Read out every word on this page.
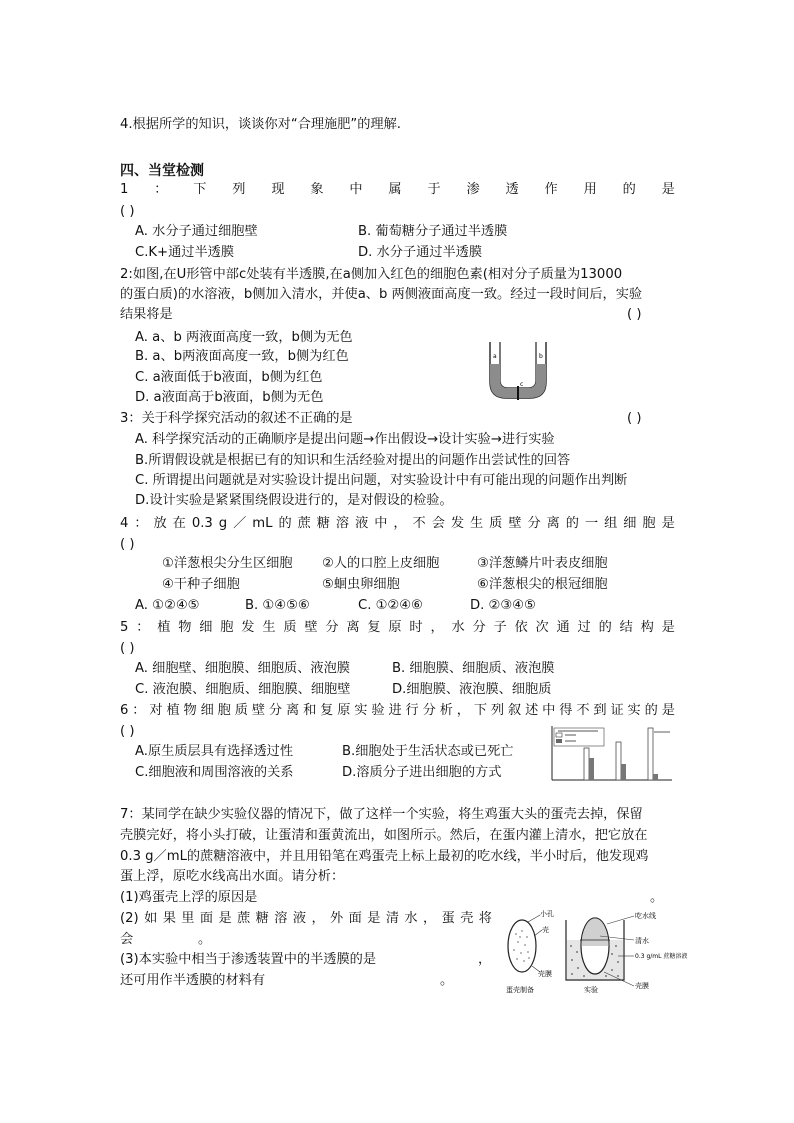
4.根据所学的知识，谈谈你对“合理施肥”的理解.
四、当堂检测
1 ： 下 列 现 象 中 属 于 渗 透 作 用 的 是
( )
A. 水分子通过细胞壁	B. 葡萄糖分子通过半透膜
C.K+通过半透膜	D. 水分子通过半透膜
2:如图,在U形管中部c处装有半透膜,在a侧加入红色的细胞色素(相对分子质量为13000
的蛋白质)的水溶液，b侧加入清水，并使a、b 两侧液面高度一致。经过一段时间后，实验
结果将是	( )
A. a、b 两液面高度一致，b侧为无色
B. a、b两液面高度一致，b侧为红色
C. a液面低于b液面，b侧为红色
D. a液面高于b液面，b侧为无色
a	b
c
3：关于科学探究活动的叙述不正确的是	( )
A. 科学探究活动的正确顺序是提出问题→作出假设→设计实验→进行实验
B.所谓假设就是根据已有的知识和生活经验对提出的问题作出尝试性的回答
C. 所谓提出问题就是对实验设计提出问题，对实验设计中有可能出现的问题作出判断
D.设计实验是紧紧围绕假设进行的，是对假设的检验。
4 ： 放 在 0.3 g ／ mL 的 蔗 糖 溶 液 中 ， 不 会 发 生 质 壁 分 离 的 一 组 细 胞 是
( )
①洋葱根尖分生区细胞 ②人的口腔上皮细胞	③洋葱鳞片叶表皮细胞
④干种子细胞	⑤蛔虫卵细胞	⑥洋葱根尖的根冠细胞
A. ①②④⑤	B. ①④⑤⑥	C. ①②④⑥	D. ②③④⑤
5 ： 植 物 细 胞 发 生 质 壁 分 离 复 原 时 ， 水 分 子 依 次 通 过 的 结 构 是
( )
A. 细胞壁、细胞膜、细胞质、液泡膜	B. 细胞膜、细胞质、液泡膜
C. 液泡膜、细胞质、细胞膜、细胞壁	D.细胞膜、液泡膜、细胞质
6 ： 对 植 物 细 胞 质 壁 分 离 和 复 原 实 验 进 行 分 析 ， 下 列 叙 述 中 得 不 到 证 实 的 是
( )
A.原生质层具有选择透过性	B.细胞处于生活状态或已死亡
C.细胞液和周围溶液的关系	D.溶质分子进出细胞的方式
7：某同学在缺少实验仪器的情况下，做了这样一个实验，将生鸡蛋大头的蛋壳去掉，保留
壳膜完好，将小头打破，让蛋清和蛋黄流出，如图所示。然后，在蛋内灌上清水，把它放在
0.3 g／mL的蔗糖溶液中，并且用铅笔在鸡蛋壳上标上最初的吃水线，半小时后，他发现鸡
蛋上浮，原吃水线高出水面。请分析：
(1)鸡蛋壳上浮的原因是	。
(2) 如 果 里 面 是 蔗 糖 溶 液 ， 外 面 是 清 水 ， 蛋 壳 将
会	。
(3)本实验中相当于渗透装置中的半透膜的是	，
还可用作半透膜的材料有	。
小孔
壳
壳膜
蛋壳制备
吃水线
清水
0.3 g/mL 蔗糖溶液
壳膜
实验
